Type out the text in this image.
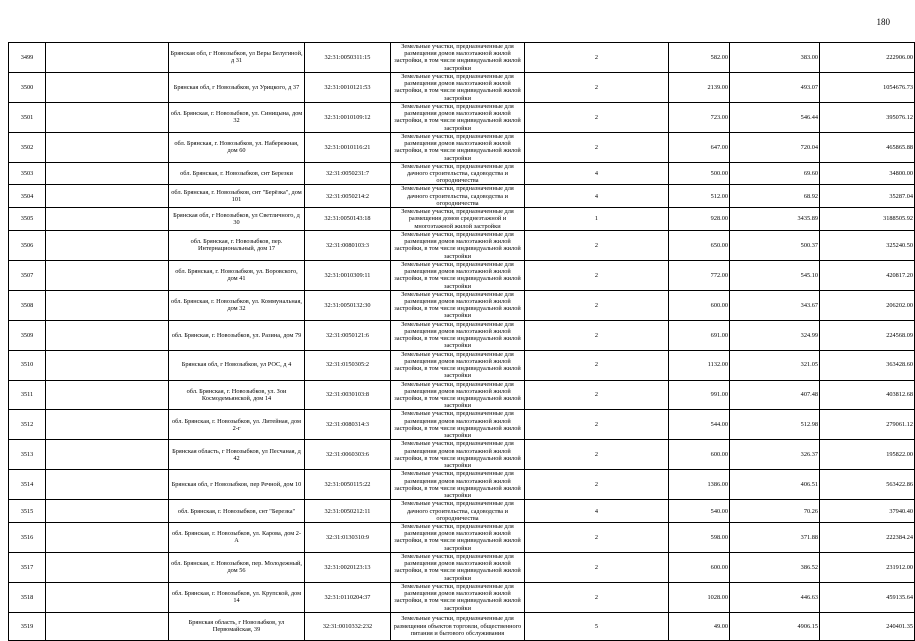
180
3499		Брянская обл, г Новозыбков, ул Веры Белугиной, д 31	32:31:0050311:15	Земельные участки, предназначенные для размещения домов малоэтажной жилой застройки, в том числе индивидуальной жилой застройки	2	582.00	383.00	222906.00
3500		Брянская обл, г Новозыбков, ул Урицкого, д 37	32:31:0010121:53	Земельные участки, предназначенные для размещения домов малоэтажной жилой застройки, в том числе индивидуальной жилой застройки	2	2139.00	493.07	1054676.73
3501		обл. Брянская, г. Новозыбков, ул. Синицына, дом 32	32:31:0010109:12	Земельные участки, предназначенные для размещения домов малоэтажной жилой застройки, в том числе индивидуальной жилой застройки	2	723.00	546.44	395076.12
3502		обл. Брянская, г. Новозыбков, ул. Набережная, дом 60	32:31:0010116:21	Земельные участки, предназначенные для размещения домов малоэтажной жилой застройки, в том числе индивидуальной жилой застройки	2	647.00	720.04	465865.88
3503		обл. Брянская, г. Новозыбков, снт Березки	32:31:0050231:7	Земельные участки, предназначенные для дачного строительства, садоводства и огородничества	4	500.00	69.60	34800.00
3504		обл. Брянская, г. Новозыбков, снт "Берёзка", дом 101	32:31:0050214:2	Земельные участки, предназначенные для дачного строительства, садоводства и огородничества	4	512.00	68.92	35287.04
3505		Брянская обл, г Новозыбков, ул Светличного, д 30	32:31:0050143:18	Земельные участки, предназначенные для размещения домов среднеэтажной и многоэтажной жилой застройки	1	928.00	3435.89	3188505.92
3506		обл. Брянская, г. Новозыбков, пер. Интернациональный, дом 17	32:31:0080103:3	Земельные участки, предназначенные для размещения домов малоэтажной жилой застройки, в том числе индивидуальной жилой застройки	2	650.00	500.37	325240.50
3507		обл. Брянская, г. Новозыбков, ул. Воровского, дом 41	32:31:0010309:11	Земельные участки, предназначенные для размещения домов малоэтажной жилой застройки, в том числе индивидуальной жилой застройки	2	772.00	545.10	420817.20
3508		обл. Брянская, г. Новозыбков, ул. Коммунальная, дом 32	32:31:0050132:30	Земельные участки, предназначенные для размещения домов малоэтажной жилой застройки, в том числе индивидуальной жилой застройки	2	600.00	343.67	206202.00
3509		обл. Брянская, г. Новозыбков, ул. Разина, дом 79	32:31:0050121:6	Земельные участки, предназначенные для размещения домов малоэтажной жилой застройки, в том числе индивидуальной жилой застройки	2	691.00	324.99	224568.09
3510		Брянская обл, г Новозыбков, ул РОС, д 4	32:31:0150305:2	Земельные участки, предназначенные для размещения домов малоэтажной жилой застройки, в том числе индивидуальной жилой застройки	2	1132.00	321.05	363428.60
3511		обл. Брянская, г. Новозыбков, ул. Зои Космодемьянской, дом 14	32:31:0030103:8	Земельные участки, предназначенные для размещения домов малоэтажной жилой застройки, в том числе индивидуальной жилой застройки	2	991.00	407.48	403812.68
3512		обл. Брянская, г. Новозыбков, ул. Литейная, дом 2-г	32:31:0080314:3	Земельные участки, предназначенные для размещения домов малоэтажной жилой застройки, в том числе индивидуальной жилой застройки	2	544.00	512.98	279061.12
3513		Брянская область, г Новозыбков, ул Песчаная, д 42	32:31:0060303:6	Земельные участки, предназначенные для размещения домов малоэтажной жилой застройки, в том числе индивидуальной жилой застройки	2	600.00	326.37	195822.00
3514		Брянская обл, г Новозыбков, пер Речной, дом 10	32:31:0050115:22	Земельные участки, предназначенные для размещения домов малоэтажной жилой застройки, в том числе индивидуальной жилой застройки	2	1386.00	406.51	563422.86
3515		обл. Брянская, г. Новозыбков, снт "Березка"	32:31:0050212:11	Земельные участки, предназначенные для дачного строительства, садоводства и огородничества	4	540.00	70.26	37940.40
3516		обл. Брянская, г. Новозыбков, ул. Карова, дом 2-А	32:31:0130310:9	Земельные участки, предназначенные для размещения домов малоэтажной жилой застройки, в том числе индивидуальной жилой застройки	2	598.00	371.88	222384.24
3517		обл. Брянская, г. Новозыбков, пер. Молодежный, дом 56	32:31:0020123:13	Земельные участки, предназначенные для размещения домов малоэтажной жилой застройки, в том числе индивидуальной жилой застройки	2	600.00	386.52	231912.00
3518		обл. Брянская, г. Новозыбков, ул. Крупской, дом 14	32:31:0110204:37	Земельные участки, предназначенные для размещения домов малоэтажной жилой застройки, в том числе индивидуальной жилой застройки	2	1028.00	446.63	459135.64
3519		Брянская область, г Новозыбков, ул Первомайская, 39	32:31:0010332:232	Земельные участки, предназначенные для размещения объектов торговли, общественного питания и бытового обслуживания	5	49.00	4906.15	240401.35
